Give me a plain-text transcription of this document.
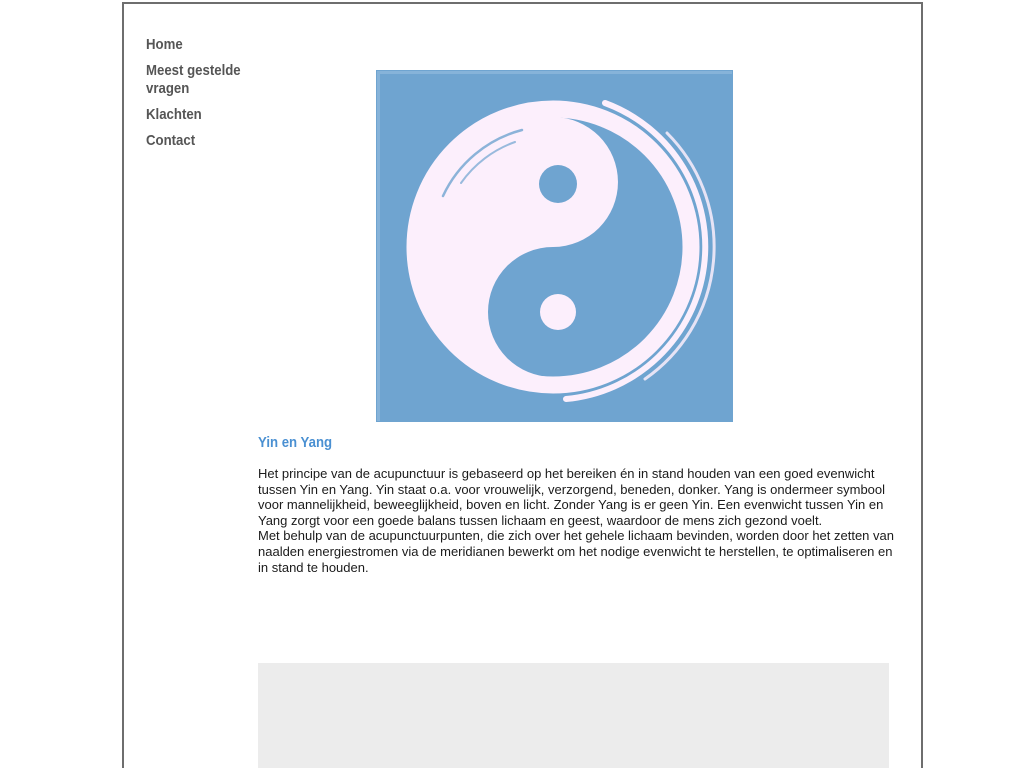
Home
Meest gestelde vragen
Klachten
Contact
Yin en Yang
Het principe van de acupunctuur is gebaseerd op het bereiken én in stand houden van een goed evenwicht tussen Yin en Yang. Yin staat o.a. voor vrouwelijk, verzorgend, beneden, donker. Yang is ondermeer symbool voor mannelijkheid, beweeglijkheid, boven en licht. Zonder Yang is er geen Yin. Een evenwicht tussen Yin en Yang zorgt voor een goede balans tussen lichaam en geest, waardoor de mens zich gezond voelt.
Met behulp van de acupunctuurpunten, die zich over het gehele lichaam bevinden, worden door het zetten van naalden energiestromen via de meridianen bewerkt om het nodige evenwicht te herstellen, te optimaliseren en in stand te houden.
